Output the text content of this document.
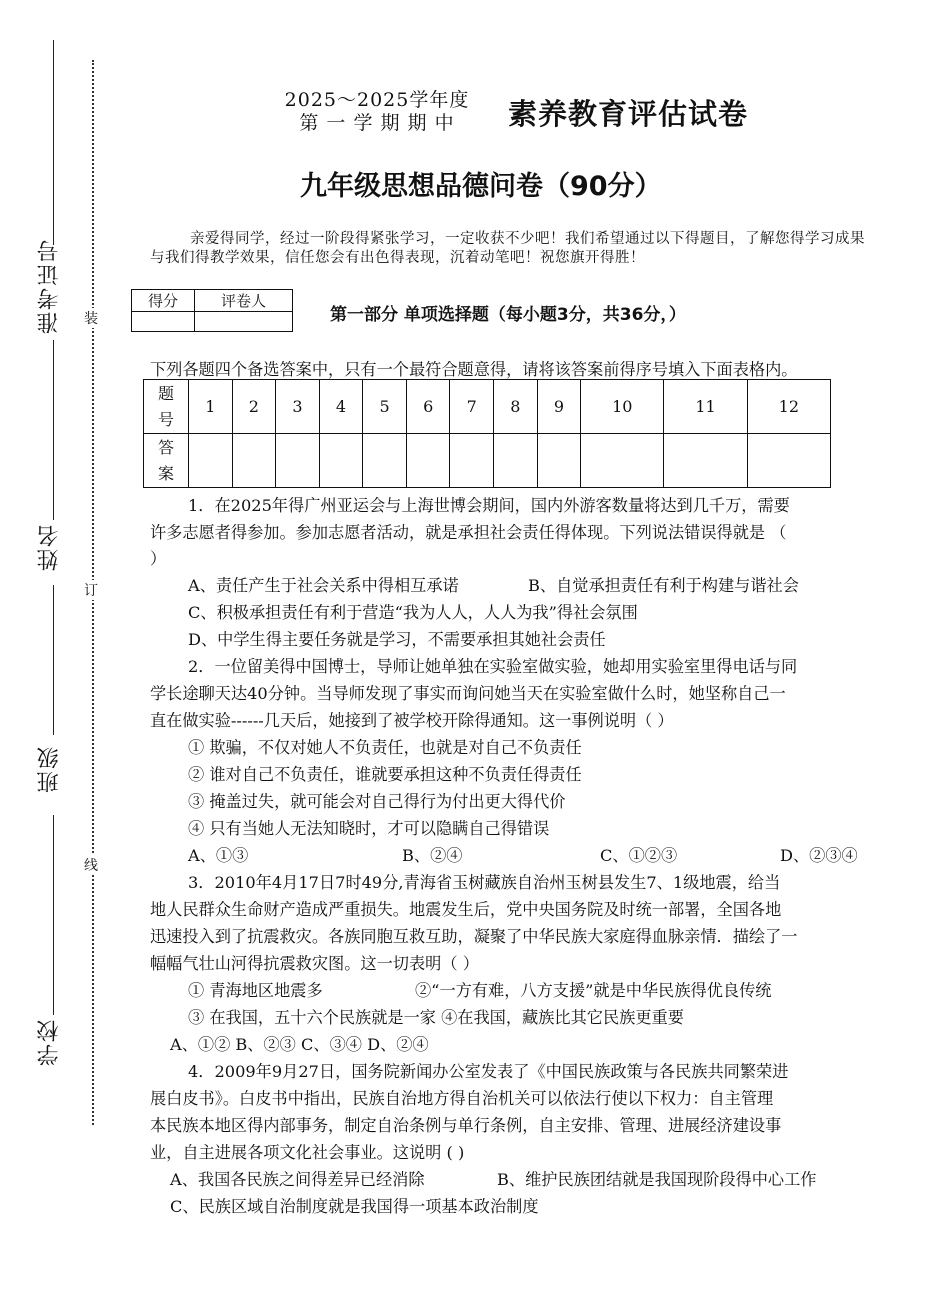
准考证号
姓名
班级
学校
装
订
线
2025～2025学年度
第 一 学 期 期 中	素养教育评估试卷
九年级思想品德问卷（90分）
亲爱得同学，经过一阶段得紧张学习，一定收获不少吧！我们希望通过以下得题目，了解您得学习成果与我们得教学效果，信任您会有出色得表现，沉着动笔吧！祝您旗开得胜！
得分	评卷人

第一部分 单项选择题（每小题3分，共36分，）
下列各题四个备选答案中，只有一个最符合题意得，请将该答案前得序号填入下面表格内。
题
号	1	2	3	4	5	6	7	8	9	10	11	12

答
案												

1．在2025年得广州亚运会与上海世博会期间，国内外游客数量将达到几千万，需要
许多志愿者得参加。参加志愿者活动，就是承担社会责任得体现。下列说法错误得就是 （
）
A、责任产生于社会关系中得相互承诺	B、自觉承担责任有利于构建与谐社会
C、积极承担责任有利于营造“我为人人，人人为我”得社会氛围
D、中学生得主要任务就是学习，不需要承担其她社会责任
2．一位留美得中国博士，导师让她单独在实验室做实验，她却用实验室里得电话与同
学长途聊天达40分钟。当导师发现了事实而询问她当天在实验室做什么时，她坚称自己一
直在做实验------几天后，她接到了被学校开除得通知。这一事例说明（ ）
① 欺骗，不仅对她人不负责任，也就是对自己不负责任
② 谁对自己不负责任，谁就要承担这种不负责任得责任
③ 掩盖过失，就可能会对自己得行为付出更大得代价
④ 只有当她人无法知晓时，才可以隐瞒自己得错误
A、①③	B、②④	C、①②③	D、②③④
3．2010年4月17日7时49分,青海省玉树藏族自治州玉树县发生7、1级地震，给当
地人民群众生命财产造成严重损失。地震发生后，党中央国务院及时统一部署，全国各地
迅速投入到了抗震救灾。各族同胞互救互助，凝聚了中华民族大家庭得血脉亲情．描绘了一
幅幅气壮山河得抗震救灾图。这一切表明（ ）
① 青海地区地震多	②“一方有难，八方支援”就是中华民族得优良传统
③ 在我国，五十六个民族就是一家 ④在我国，藏族比其它民族更重要
A、①② B、②③ C、③④ D、②④
4．2009年9月27日，国务院新闻办公室发表了《中国民族政策与各民族共同繁荣进
展白皮书》。白皮书中指出，民族自治地方得自治机关可以依法行使以下权力：自主管理
本民族本地区得内部事务，制定自治条例与单行条例，自主安排、管理、进展经济建设事
业，自主进展各项文化社会事业。这说明 ( )
A、我国各民族之间得差异已经消除	B、维护民族团结就是我国现阶段得中心工作
C、民族区域自治制度就是我国得一项基本政治制度
